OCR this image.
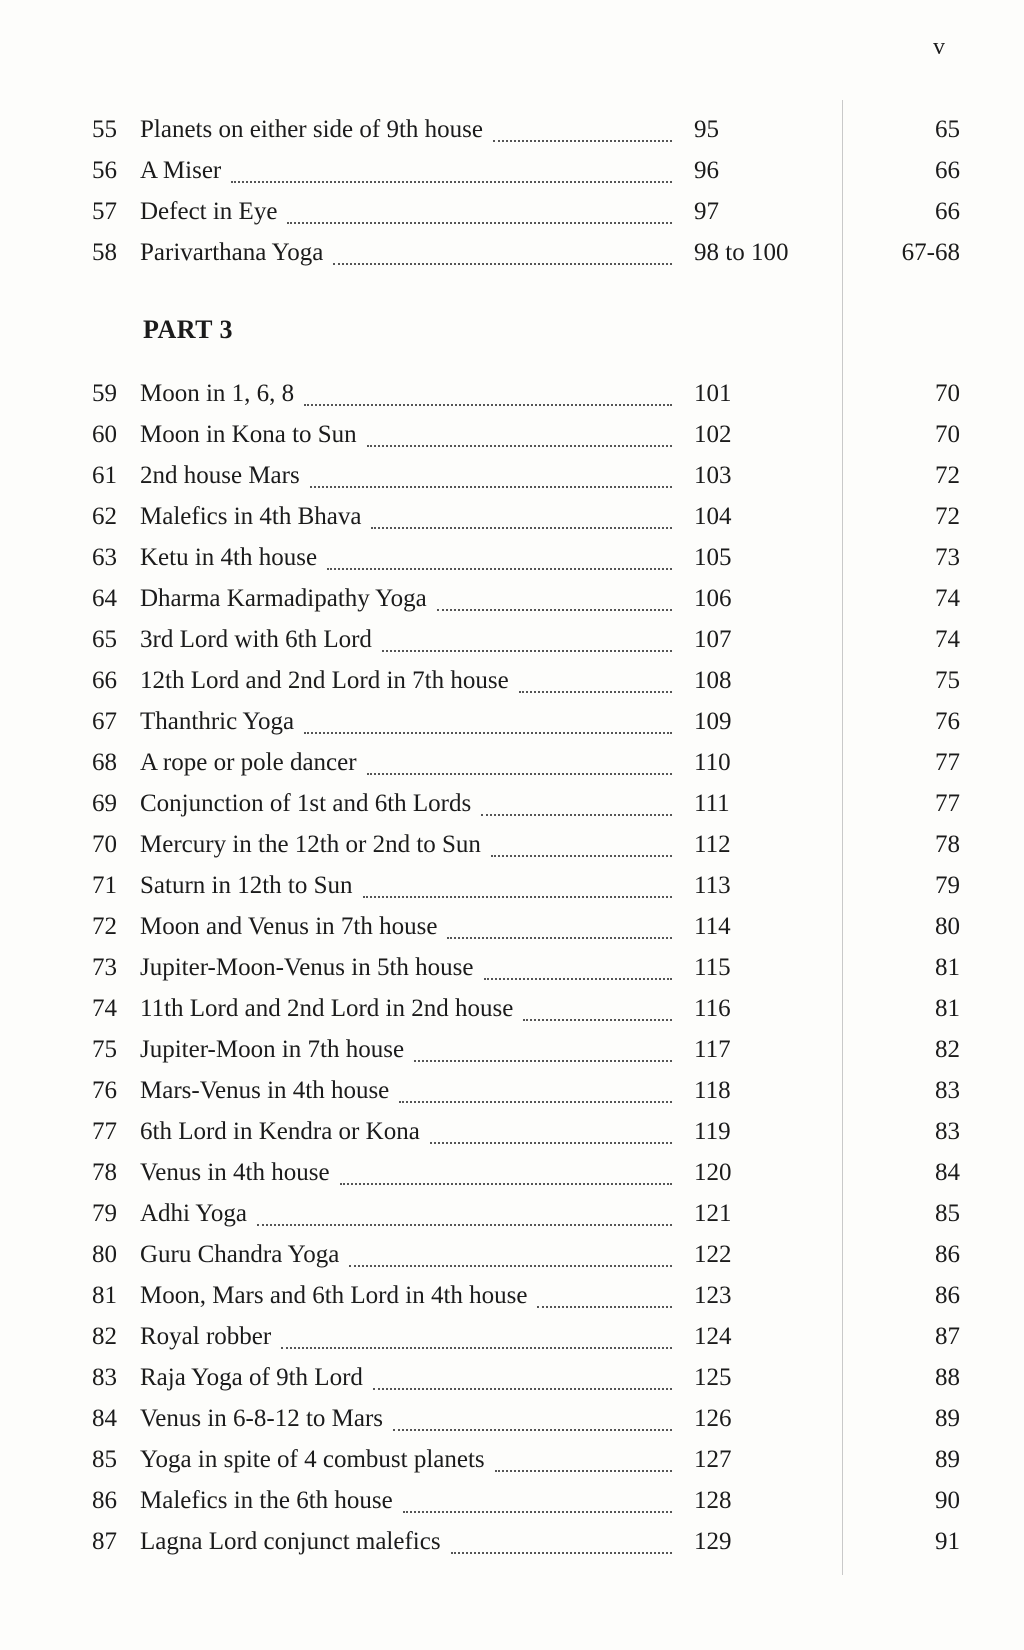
v
55 Planets on either side of 9th house	95	65
56 A Miser	96	66
57 Defect in Eye	97	66
58 Parivarthana Yoga	98 to 100	67-68
PART 3
59 Moon in 1, 6, 8	101	70
60 Moon in Kona to Sun	102	70
61 2nd house Mars	103	72
62 Malefics in 4th Bhava	104	72
63 Ketu in 4th house	105	73
64 Dharma Karmadipathy Yoga	106	74
65 3rd Lord with 6th Lord	107	74
66 12th Lord and 2nd Lord in 7th house	108	75
67 Thanthric Yoga	109	76
68 A rope or pole dancer	110	77
69 Conjunction of 1st and 6th Lords	111	77
70 Mercury in the 12th or 2nd to Sun	112	78
71 Saturn in 12th to Sun	113	79
72 Moon and Venus in 7th house	114	80
73 Jupiter-Moon-Venus in 5th house	115	81
74 11th Lord and 2nd Lord in 2nd house	116	81
75 Jupiter-Moon in 7th house	117	82
76 Mars-Venus in 4th house	118	83
77 6th Lord in Kendra or Kona	119	83
78 Venus in 4th house	120	84
79 Adhi Yoga	121	85
80 Guru Chandra Yoga	122	86
81 Moon, Mars and 6th Lord in 4th house	123	86
82 Royal robber	124	87
83 Raja Yoga of 9th Lord	125	88
84 Venus in 6-8-12 to Mars	126	89
85 Yoga in spite of 4 combust planets	127	89
86 Malefics in the 6th house	128	90
87 Lagna Lord conjunct malefics	129	91
